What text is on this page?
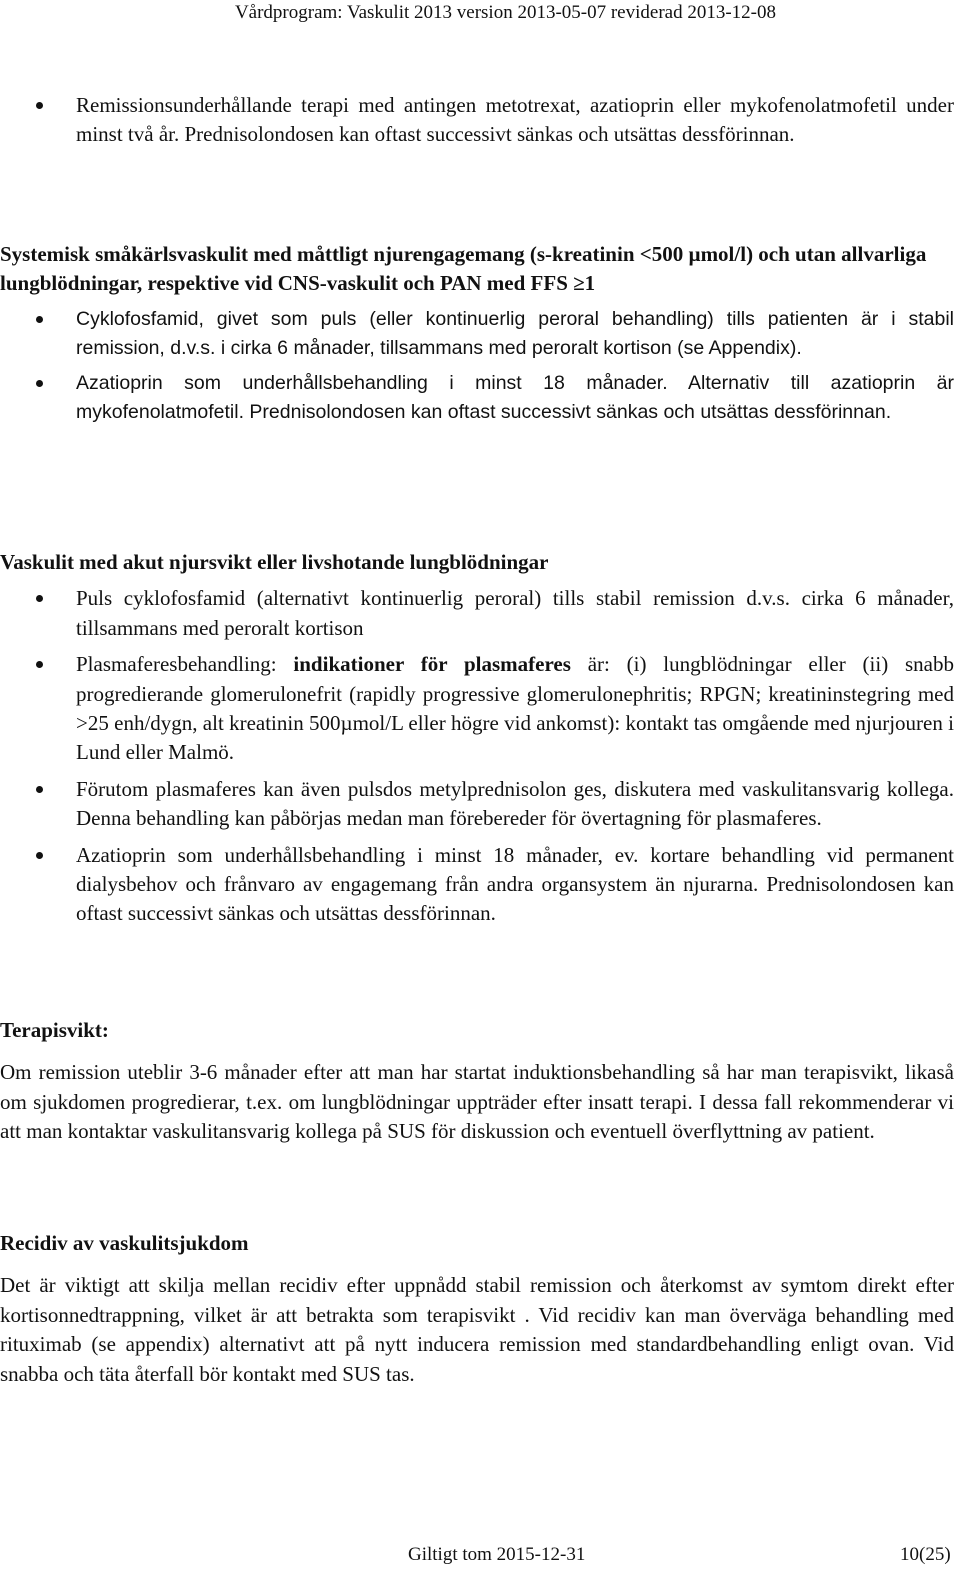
Vårdprogram: Vaskulit 2013 version 2013-05-07 reviderad 2013-12-08
Remissionsunderhållande terapi med antingen metotrexat, azatioprin eller mykofenolatmofetil under minst två år. Prednisolondosen kan oftast successivt sänkas och utsättas dessförinnan.

Systemisk småkärlsvaskulit med måttligt njurengagemang (s-kreatinin <500 µmol/l) och utan allvarliga lungblödningar, respektive vid CNS-vaskulit och PAN med FFS ≥1

Cyklofosfamid, givet som puls (eller kontinuerlig peroral behandling) tills patienten är i stabil remission, d.v.s. i cirka 6 månader, tillsammans med peroralt kortison (se Appendix).
Azatioprin som underhållsbehandling i minst 18 månader. Alternativ till azatioprin är mykofenolatmofetil. Prednisolondosen kan oftast successivt sänkas och utsättas dessförinnan.

Vaskulit med akut njursvikt eller livshotande lungblödningar

Puls cyklofosfamid (alternativt kontinuerlig peroral) tills stabil remission d.v.s. cirka 6 månader, tillsammans med peroralt kortison
Plasmaferesbehandling: indikationer för plasmaferes är: (i) lungblödningar eller (ii) snabb progredierande glomerulonefrit (rapidly progressive glomerulonephritis; RPGN; kreatininstegring med >25 enh/dygn, alt kreatinin 500µmol/L eller högre vid ankomst): kontakt tas omgående med njurjouren i Lund eller Malmö.
Förutom plasmaferes kan även pulsdos metylprednisolon ges, diskutera med vaskulitansvarig kollega. Denna behandling kan påbörjas medan man förebereder för övertagning för plasmaferes.
Azatioprin som underhållsbehandling i minst 18 månader, ev. kortare behandling vid permanent dialysbehov och frånvaro av engagemang från andra organsystem än njurarna. Prednisolondosen kan oftast successivt sänkas och utsättas dessförinnan.

Terapisvikt:

Om remission uteblir 3-6 månader efter att man har startat induktionsbehandling så har man terapisvikt, likaså om sjukdomen progredierar, t.ex. om lungblödningar uppträder efter insatt terapi. I dessa fall rekommenderar vi att man kontaktar vaskulitansvarig kollega på SUS för diskussion och eventuell överflyttning av patient.

Recidiv av vaskulitsjukdom

Det är viktigt att skilja mellan recidiv efter uppnådd stabil remission och återkomst av symtom direkt efter kortisonnedtrappning, vilket är att betrakta som terapisvikt . Vid recidiv kan man överväga behandling med rituximab (se appendix) alternativt att på nytt inducera remission med standardbehandling enligt ovan. Vid snabba och täta återfall bör kontakt med SUS tas.

Giltigt tom 2015-12-31	10(25)
